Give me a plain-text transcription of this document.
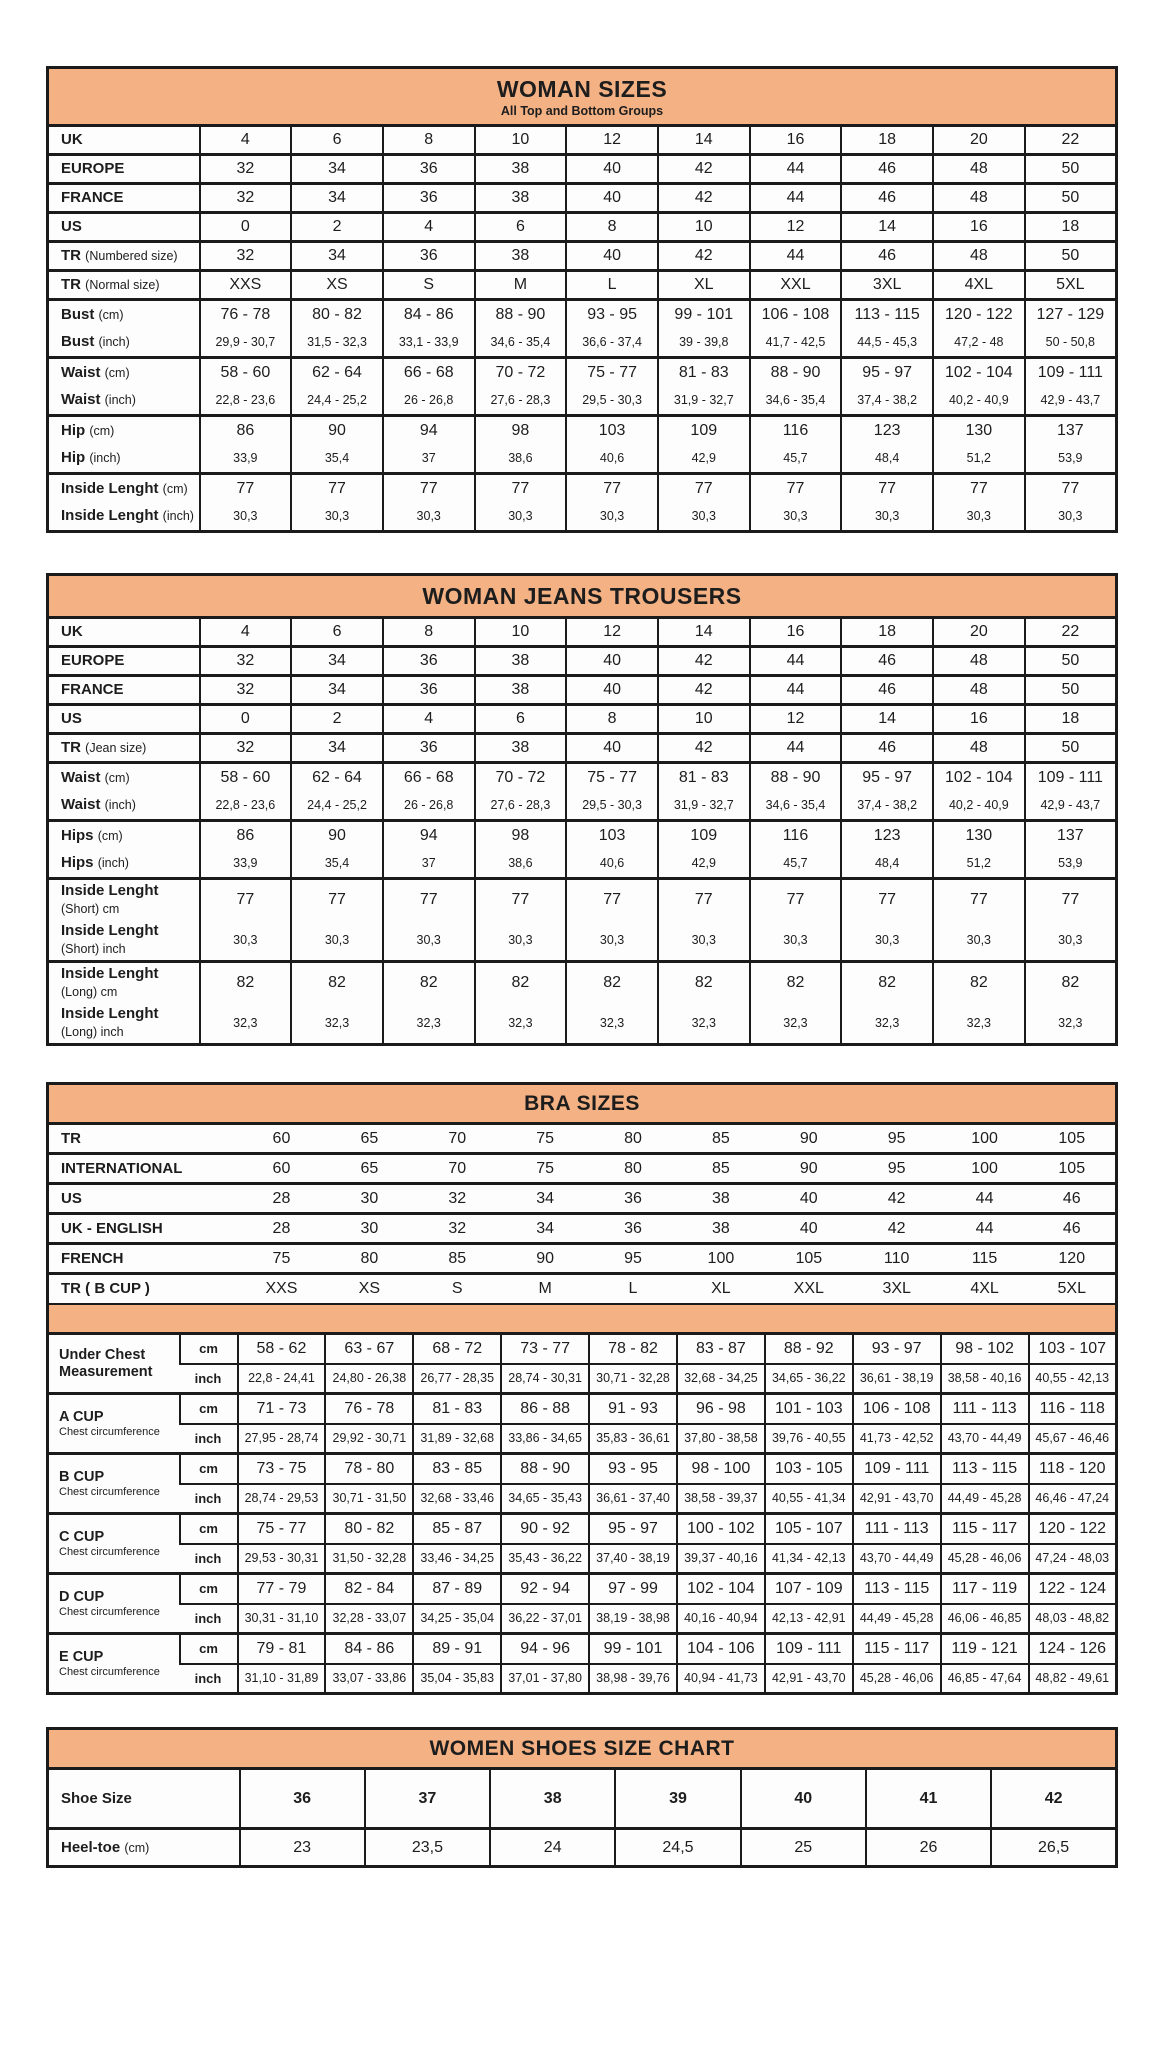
WOMAN SIZES
All Top and Bottom Groups										

UK	4	6	8	10	12	14	16	18	20	22
EUROPE	32	34	36	38	40	42	44	46	48	50
FRANCE	32	34	36	38	40	42	44	46	48	50
US	0	2	4	6	8	10	12	14	16	18
TR (Numbered size)	32	34	36	38	40	42	44	46	48	50
TR (Normal size)	XXS	XS	S	M	L	XL	XXL	3XL	4XL	5XL
Bust (cm)	76 - 78	80 - 82	84 - 86	88 - 90	93 - 95	99 - 101	106 - 108	113 - 115	120 - 122	127 - 129
Bust (inch)	29,9 - 30,7	31,5 - 32,3	33,1 - 33,9	34,6 - 35,4	36,6 - 37,4	39 - 39,8	41,7 - 42,5	44,5 - 45,3	47,2 - 48	50 - 50,8
Waist (cm)	58 - 60	62 - 64	66 - 68	70 - 72	75 - 77	81 - 83	88 - 90	95 - 97	102 - 104	109 - 111
Waist (inch)	22,8 - 23,6	24,4 - 25,2	26 - 26,8	27,6 - 28,3	29,5 - 30,3	31,9 - 32,7	34,6 - 35,4	37,4 - 38,2	40,2 - 40,9	42,9 - 43,7
Hip (cm)	86	90	94	98	103	109	116	123	130	137
Hip (inch)	33,9	35,4	37	38,6	40,6	42,9	45,7	48,4	51,2	53,9
Inside Lenght (cm)	77	77	77	77	77	77	77	77	77	77
Inside Lenght (inch)	30,3	30,3	30,3	30,3	30,3	30,3	30,3	30,3	30,3	30,3
WOMAN JEANS TROUSERS										

UK	4	6	8	10	12	14	16	18	20	22
EUROPE	32	34	36	38	40	42	44	46	48	50
FRANCE	32	34	36	38	40	42	44	46	48	50
US	0	2	4	6	8	10	12	14	16	18
TR (Jean size)	32	34	36	38	40	42	44	46	48	50
Waist (cm)	58 - 60	62 - 64	66 - 68	70 - 72	75 - 77	81 - 83	88 - 90	95 - 97	102 - 104	109 - 111
Waist (inch)	22,8 - 23,6	24,4 - 25,2	26 - 26,8	27,6 - 28,3	29,5 - 30,3	31,9 - 32,7	34,6 - 35,4	37,4 - 38,2	40,2 - 40,9	42,9 - 43,7
Hips (cm)	86	90	94	98	103	109	116	123	130	137
Hips (inch)	33,9	35,4	37	38,6	40,6	42,9	45,7	48,4	51,2	53,9
Inside Lenght (Short) cm	77	77	77	77	77	77	77	77	77	77
Inside Lenght (Short) inch	30,3	30,3	30,3	30,3	30,3	30,3	30,3	30,3	30,3	30,3
Inside Lenght (Long) cm	82	82	82	82	82	82	82	82	82	82
Inside Lenght (Long) inch	32,3	32,3	32,3	32,3	32,3	32,3	32,3	32,3	32,3	32,3
BRA SIZES											

TR		60	65	70	75	80	85	90	95	100	105
INTERNATIONAL		60	65	70	75	80	85	90	95	100	105
US		28	30	32	34	36	38	40	42	44	46
UK - ENGLISH		28	30	32	34	36	38	40	42	44	46
FRENCH		75	80	85	90	95	100	105	110	115	120
TR ( B CUP )		XXS	XS	S	M	L	XL	XXL	3XL	4XL	5XL

Under Chest Measurement	cm	58 - 62	63 - 67	68 - 72	73 - 77	78 - 82	83 - 87	88 - 92	93 - 97	98 - 102	103 - 107
	inch	22,8 - 24,41	24,80 - 26,38	26,77 - 28,35	28,74 - 30,31	30,71 - 32,28	32,68 - 34,25	34,65 - 36,22	36,61 - 38,19	38,58 - 40,16	40,55 - 42,13

A CUP
Chest circumference	cm	71 - 73	76 - 78	81 - 83	86 - 88	91 - 93	96 - 98	101 - 103	106 - 108	111 - 113	116 - 118
	inch	27,95 - 28,74	29,92 - 30,71	31,89 - 32,68	33,86 - 34,65	35,83 - 36,61	37,80 - 38,58	39,76 - 40,55	41,73 - 42,52	43,70 - 44,49	45,67 - 46,46

B CUP
Chest circumference	cm	73 - 75	78 - 80	83 - 85	88 - 90	93 - 95	98 - 100	103 - 105	109 - 111	113 - 115	118 - 120
	inch	28,74 - 29,53	30,71 - 31,50	32,68 - 33,46	34,65 - 35,43	36,61 - 37,40	38,58 - 39,37	40,55 - 41,34	42,91 - 43,70	44,49 - 45,28	46,46 - 47,24

C CUP
Chest circumference	cm	75 - 77	80 - 82	85 - 87	90 - 92	95 - 97	100 - 102	105 - 107	111 - 113	115 - 117	120 - 122
	inch	29,53 - 30,31	31,50 - 32,28	33,46 - 34,25	35,43 - 36,22	37,40 - 38,19	39,37 - 40,16	41,34 - 42,13	43,70 - 44,49	45,28 - 46,06	47,24 - 48,03

D CUP
Chest circumference	cm	77 - 79	82 - 84	87 - 89	92 - 94	97 - 99	102 - 104	107 - 109	113 - 115	117 - 119	122 - 124
	inch	30,31 - 31,10	32,28 - 33,07	34,25 - 35,04	36,22 - 37,01	38,19 - 38,98	40,16 - 40,94	42,13 - 42,91	44,49 - 45,28	46,06 - 46,85	48,03 - 48,82

E CUP
Chest circumference	cm	79 - 81	84 - 86	89 - 91	94 - 96	99 - 101	104 - 106	109 - 111	115 - 117	119 - 121	124 - 126
	inch	31,10 - 31,89	33,07 - 33,86	35,04 - 35,83	37,01 - 37,80	38,98 - 39,76	40,94 - 41,73	42,91 - 43,70	45,28 - 46,06	46,85 - 47,64	48,82 - 49,61
WOMEN SHOES SIZE CHART							

Shoe Size	36	37	38	39	40	41	42
Heel-toe (cm)	23	23,5	24	24,5	25	26	26,5
